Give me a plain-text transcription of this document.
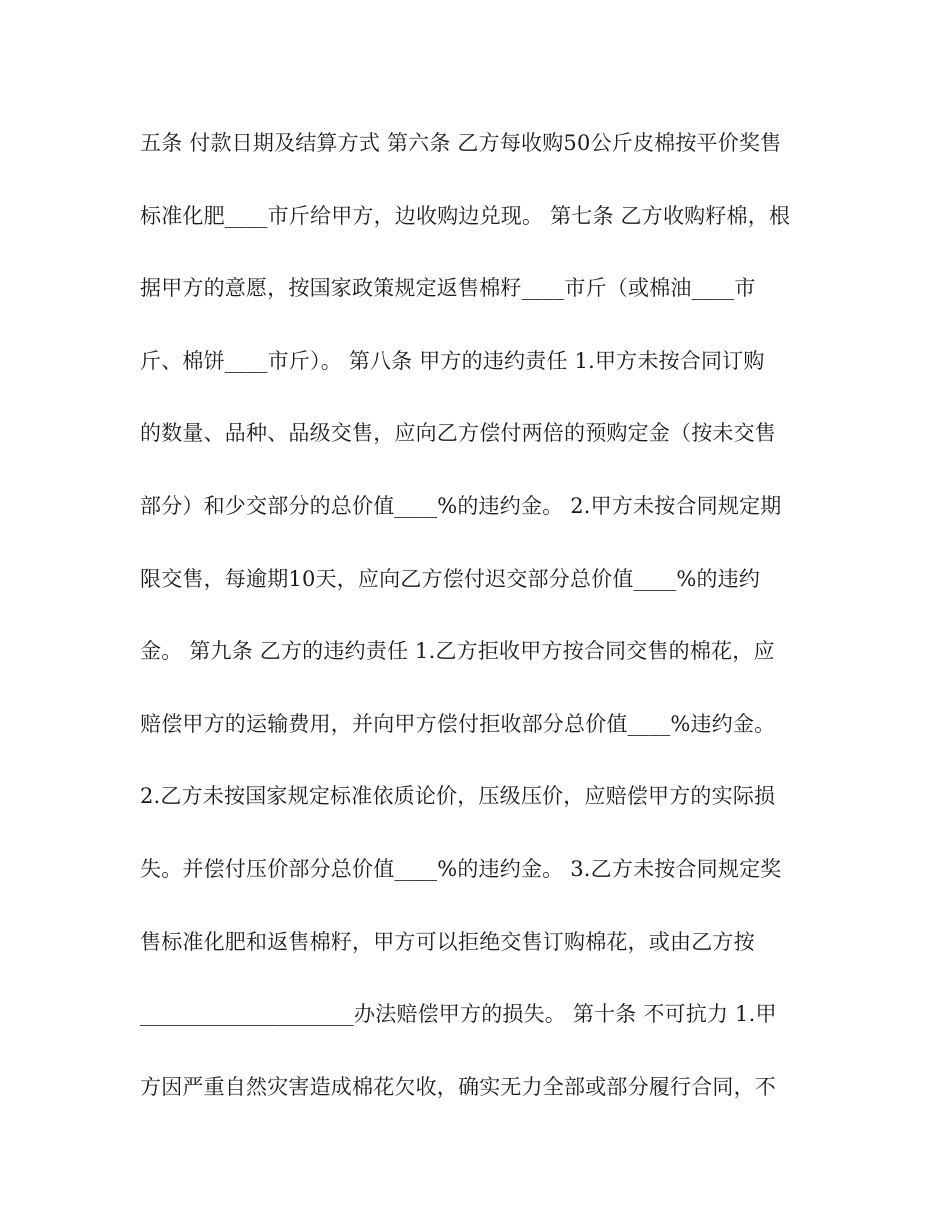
五条 付款日期及结算方式 第六条 乙方每收购50公斤皮棉按平价奖售
标准化肥____市斤给甲方，边收购边兑现。 第七条 乙方收购籽棉，根
据甲方的意愿，按国家政策规定返售棉籽____市斤（或棉油____市
斤、棉饼____市斤）。 第八条 甲方的违约责任 1.甲方未按合同订购
的数量、品种、品级交售，应向乙方偿付两倍的预购定金（按未交售
部分）和少交部分的总价值____%的违约金。 2.甲方未按合同规定期
限交售，每逾期10天，应向乙方偿付迟交部分总价值____%的违约
金。 第九条 乙方的违约责任 1.乙方拒收甲方按合同交售的棉花，应
赔偿甲方的运输费用，并向甲方偿付拒收部分总价值____%违约金。
2.乙方未按国家规定标准依质论价，压级压价，应赔偿甲方的实际损
失。并偿付压价部分总价值____%的违约金。 3.乙方未按合同规定奖
售标准化肥和返售棉籽，甲方可以拒绝交售订购棉花，或由乙方按
____________________办法赔偿甲方的损失。 第十条 不可抗力 1.甲
方因严重自然灾害造成棉花欠收，确实无力全部或部分履行合同，不
